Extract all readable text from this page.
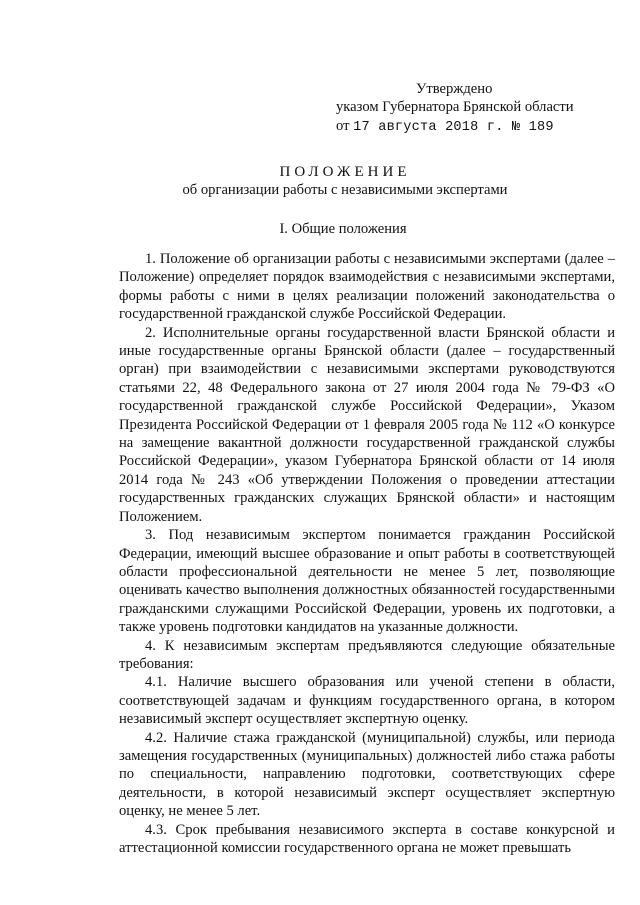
Утверждено
указом Губернатора Брянской области
от 17 августа 2018 г. № 189
ПОЛОЖЕНИЕ
об организации работы с независимыми экспертами
I. Общие положения

1. Положение об организации работы с независимыми экспертами (далее – Положение) определяет порядок взаимодействия с независимыми экспертами, формы работы с ними в целях реализации положений законодательства о государственной гражданской службе Российской Федерации.

2. Исполнительные органы государственной власти Брянской области и иные государственные органы Брянской области (далее – государственный орган) при взаимодействии с независимыми экспертами руководствуются статьями 22, 48 Федерального закона от 27 июля 2004 года № 79-ФЗ «О государственной гражданской службе Российской Федерации», Указом Президента Российской Федерации от 1 февраля 2005 года № 112 «О конкурсе на замещение вакантной должности государственной гражданской службы Российской Федерации», указом Губернатора Брянской области от 14 июля 2014 года № 243 «Об утверждении Положения о проведении аттестации государственных гражданских служащих Брянской области» и настоящим Положением.

3. Под независимым экспертом понимается гражданин Российской Федерации, имеющий высшее образование и опыт работы в соответствующей области профессиональной деятельности не менее 5 лет, позволяющие оценивать качество выполнения должностных обязанностей государственными гражданскими служащими Российской Федерации, уровень их подготовки, а также уровень подготовки кандидатов на указанные должности.

4. К независимым экспертам предъявляются следующие обязательные требования:

4.1. Наличие высшего образования или ученой степени в области, соответствующей задачам и функциям государственного органа, в котором независимый эксперт осуществляет экспертную оценку.

4.2. Наличие стажа гражданской (муниципальной) службы, или периода замещения государственных (муниципальных) должностей либо стажа работы по специальности, направлению подготовки, соответствующих сфере деятельности, в которой независимый эксперт осуществляет экспертную оценку, не менее 5 лет.

4.3. Срок пребывания независимого эксперта в составе конкурсной и аттестационной комиссии государственного органа не может превышать
